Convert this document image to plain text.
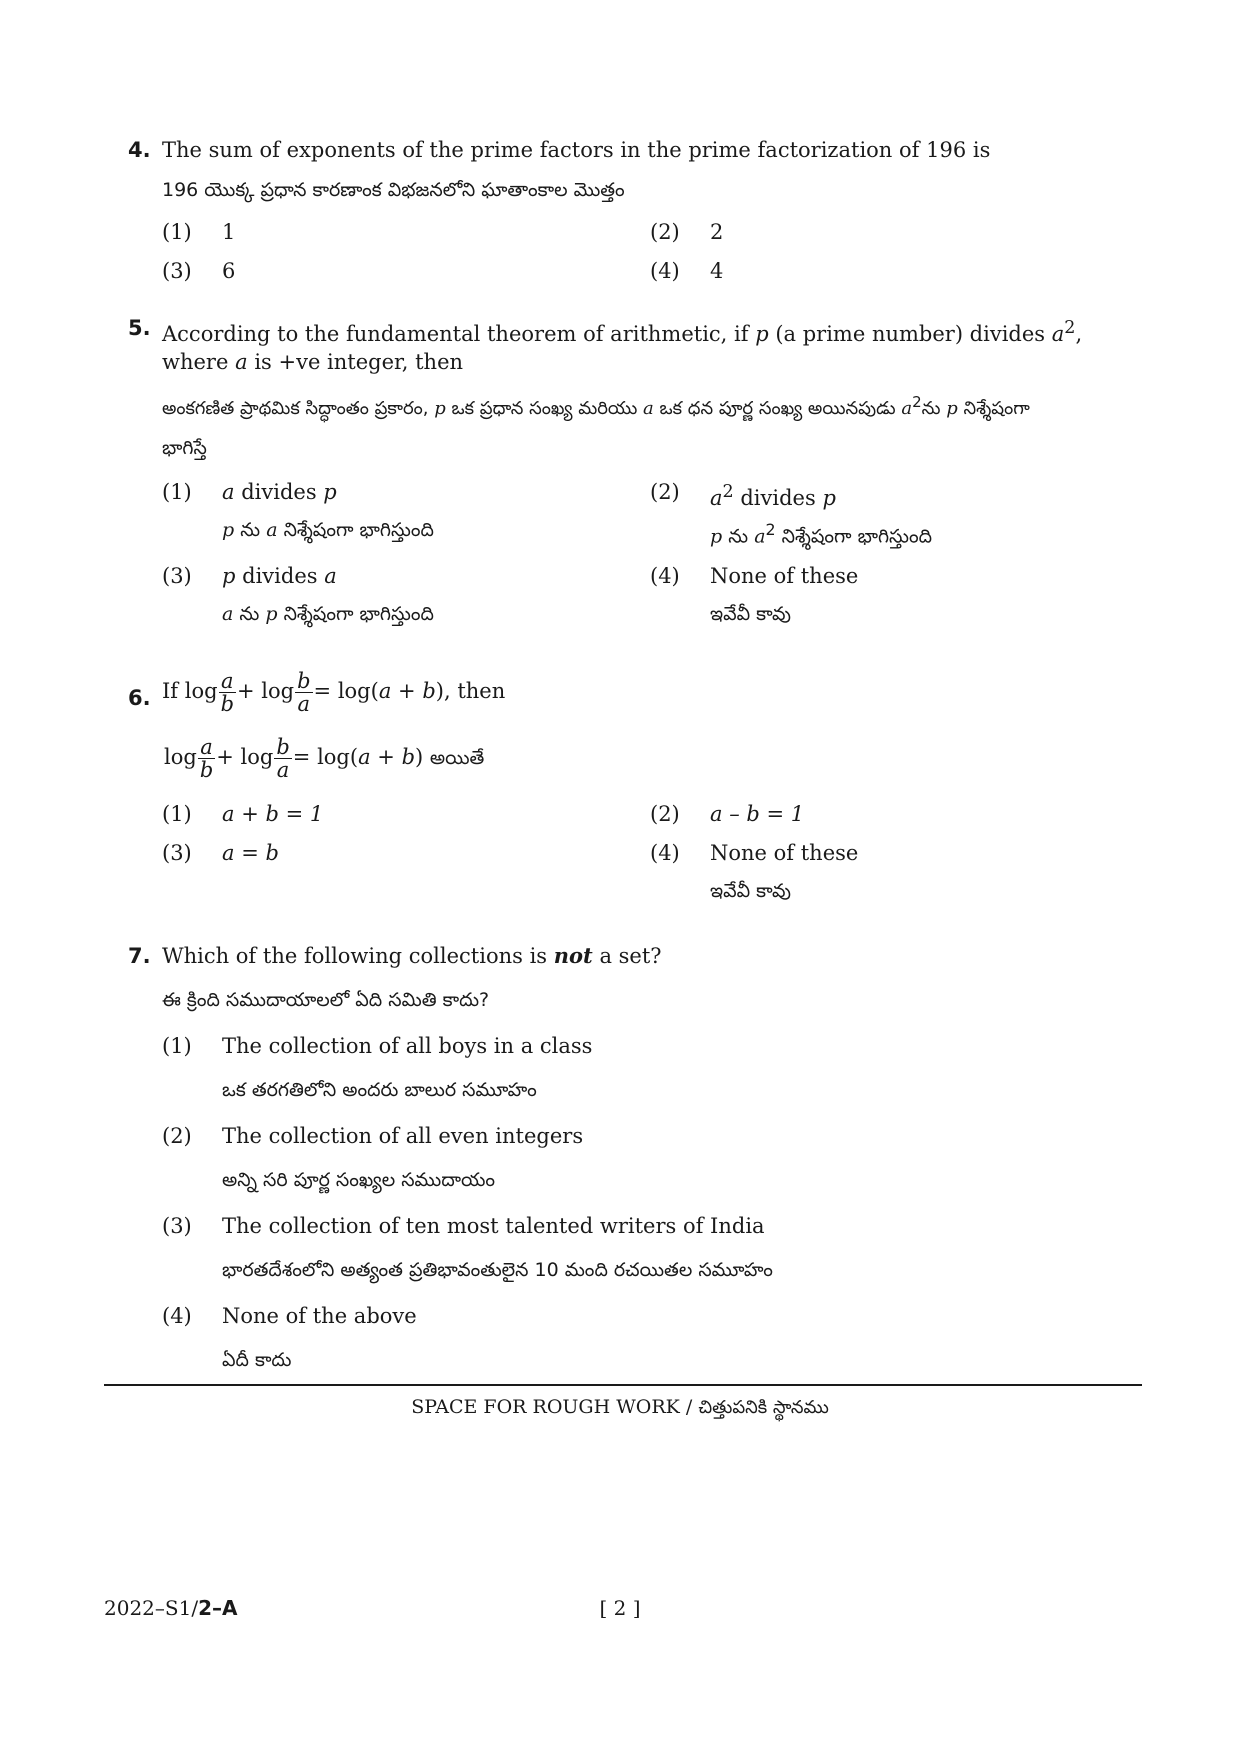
4. The sum of exponents of the prime factors in the prime factorization of 196 is
196 యొక్క ప్రధాన కారణాంక విభజనలోని ఘాతాంకాల మొత్తం
(1) 1	(2) 2
(3) 6	(4) 4
5. According to the fundamental theorem of arithmetic, if p (a prime number) divides $a^2$, where a is +ve integer, then
అంకగణిత ప్రాథమిక సిద్ధాంతం ప్రకారం, p ఒక ప్రధాన సంఖ్య మరియు a ఒక ధన పూర్ణ సంఖ్య అయినపుడు $a^2ను$ p నిశ్శేషంగా
భాగిస్తే
(1) a divides p
p ను a నిశ్శేషంగా భాగిస్తుంది
(2) $a^2$ divides p
p ను $a^2$ నిశ్శేషంగా భాగిస్తుంది
(3) p divides a
a ను p నిశ్శేషంగా భాగిస్తుంది
(4) None of these
ఇవేవీ కావు
6. If $\log \frac{a}{b} + \log \frac{b}{a} = \log(a + b)$, then
$\log \frac{a}{b} + \log \frac{b}{a} = \log(a + b)$ అయితే
(1) a + b = 1	(2) a – b = 1
(3) a = b	(4) None of these
ఇవేవీ కావు
7. Which of the following collections is not a set?
ఈ క్రింది సముదాయాలలో ఏది సమితి కాదు?
(1) The collection of all boys in a class
ఒక తరగతిలోని అందరు బాలుర సమూహం
(2) The collection of all even integers
అన్ని సరి పూర్ణ సంఖ్యల సముదాయం
(3) The collection of ten most talented writers of India
భారతదేశంలోని అత్యంత ప్రతిభావంతులైన 10 మంది రచయితల సమూహం
(4) None of the above
ఏదీ కాదు
SPACE FOR ROUGH WORK / చిత్తుపనికి స్థానము
2022–S1/2–A	[ 2 ]
